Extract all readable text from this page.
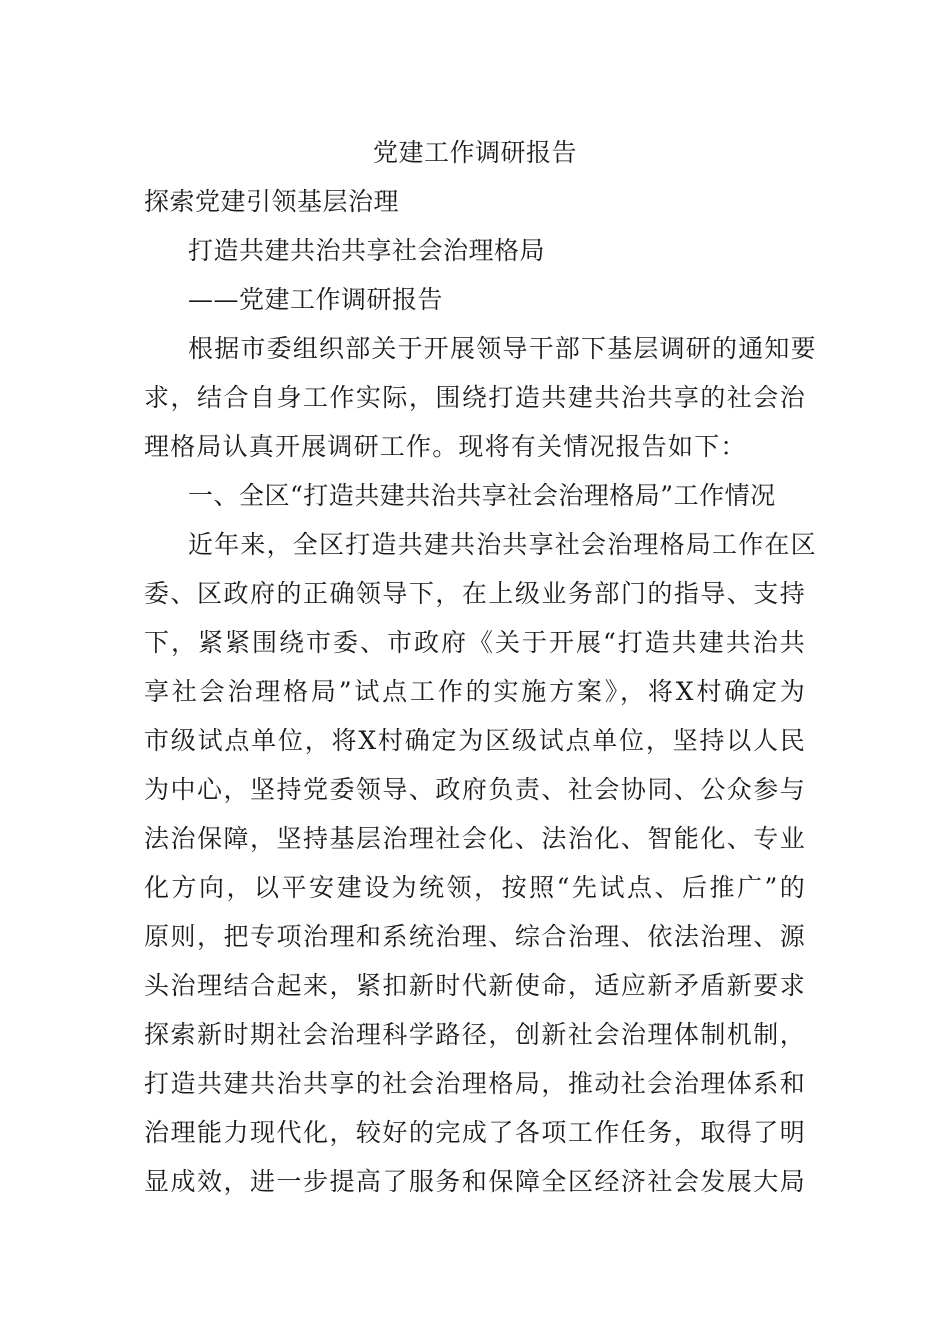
党建工作调研报告

探索党建引领基层治理

打造共建共治共享社会治理格局

——党建工作调研报告

根据市委组织部关于开展领导干部下基层调研的通知要

求，结合自身工作实际，围绕打造共建共治共享的社会治

理格局认真开展调研工作。现将有关情况报告如下：

一、全区“打造共建共治共享社会治理格局”工作情况

近年来，全区打造共建共治共享社会治理格局工作在区

委、区政府的正确领导下，在上级业务部门的指导、支持

下，紧紧围绕市委、市政府《关于开展“打造共建共治共

享社会治理格局”试点工作的实施方案》，将X村确定为

市级试点单位，将X村确定为区级试点单位，坚持以人民

为中心，坚持党委领导、政府负责、社会协同、公众参与

法治保障，坚持基层治理社会化、法治化、智能化、专业

化方向，以平安建设为统领，按照“先试点、后推广”的

原则，把专项治理和系统治理、综合治理、依法治理、源

头治理结合起来，紧扣新时代新使命，适应新矛盾新要求

探索新时期社会治理科学路径，创新社会治理体制机制，

打造共建共治共享的社会治理格局，推动社会治理体系和

治理能力现代化，较好的完成了各项工作任务，取得了明

显成效，进一步提高了服务和保障全区经济社会发展大局
